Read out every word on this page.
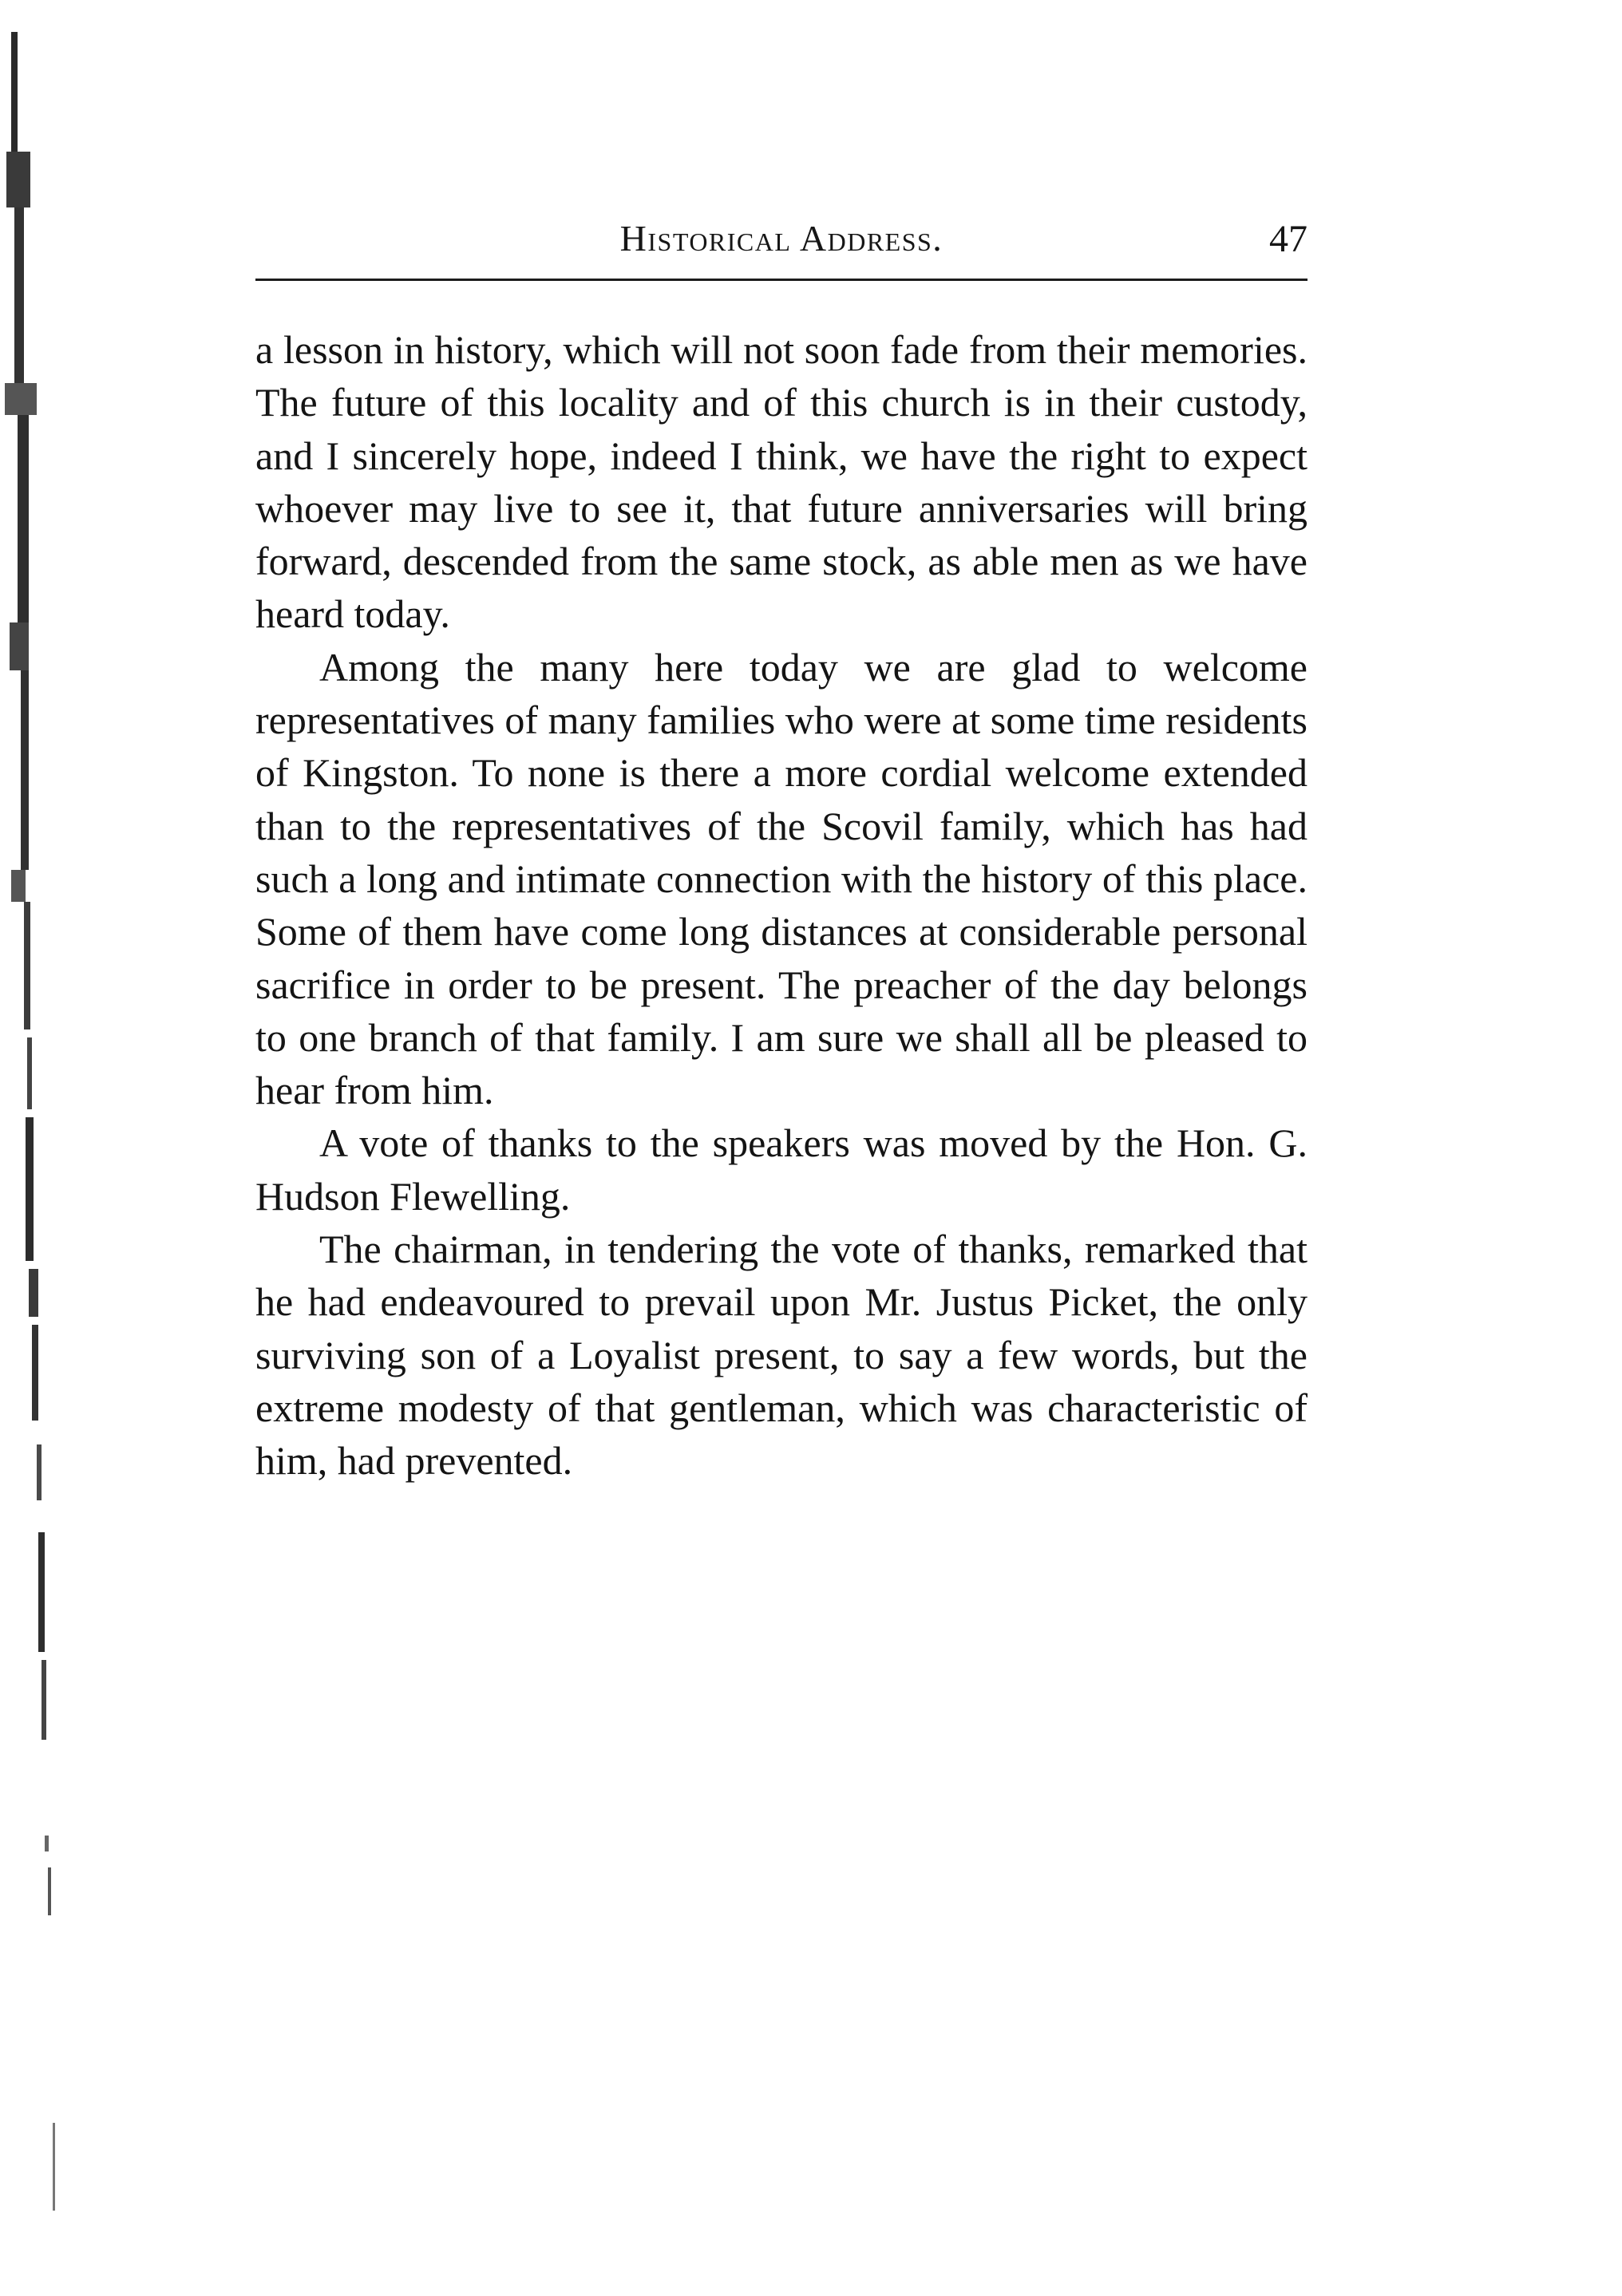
Historical Address.	47

a lesson in history, which will not soon fade from their memories. The future of this locality and of this church is in their custody, and I sincerely hope, indeed I think, we have the right to expect whoever may live to see it, that future anniversaries will bring forward, descended from the same stock, as able men as we have heard today.

Among the many here today we are glad to welcome representatives of many families who were at some time residents of Kingston. To none is there a more cordial welcome extended than to the representatives of the Scovil family, which has had such a long and intimate connection with the history of this place. Some of them have come long distances at considerable personal sacrifice in order to be present. The preacher of the day belongs to one branch of that family. I am sure we shall all be pleased to hear from him.

A vote of thanks to the speakers was moved by the Hon. G. Hudson Flewelling.

The chairman, in tendering the vote of thanks, remarked that he had endeavoured to prevail upon Mr. Justus Picket, the only surviving son of a Loyalist present, to say a few words, but the extreme modesty of that gentleman, which was characteristic of him, had prevented.
